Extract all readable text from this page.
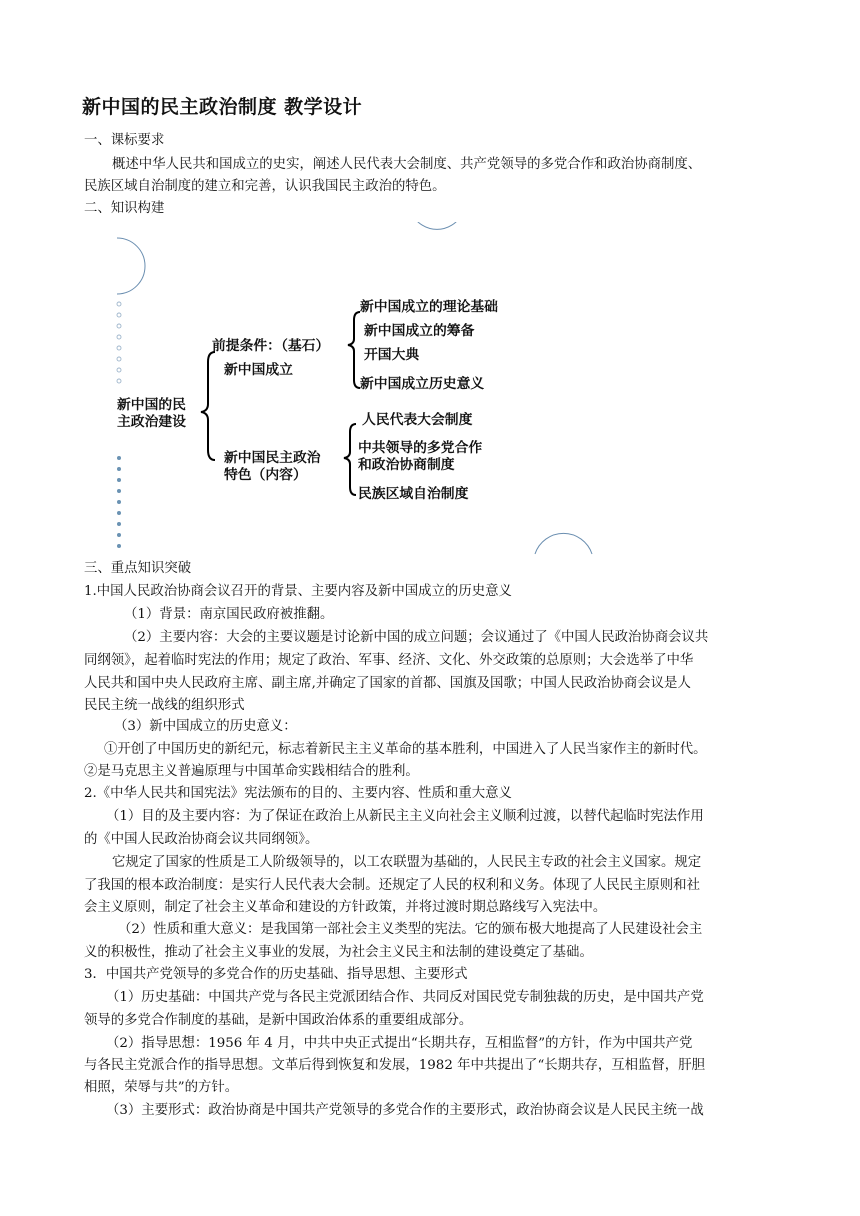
新中国的民主政治制度 教学设计
一、课标要求
概述中华人民共和国成立的史实，阐述人民代表大会制度、共产党领导的多党合作和政治协商制度、
民族区域自治制度的建立和完善，认识我国民主政治的特色。
二、知识构建
新中国的民
主政治建设
前提条件：（基石）
新中国成立
新中国成立的理论基础
新中国成立的筹备
开国大典
新中国成立历史意义
新中国民主政治
特色（内容）
人民代表大会制度
中共领导的多党合作
和政治协商制度
民族区域自治制度
三、重点知识突破
1.中国人民政治协商会议召开的背景、主要内容及新中国成立的历史意义
（1）背景：南京国民政府被推翻。
（2）主要内容：大会的主要议题是讨论新中国的成立问题；会议通过了《中国人民政治协商会议共
同纲领》，起着临时宪法的作用；规定了政治、军事、经济、文化、外交政策的总原则；大会选举了中华
人民共和国中央人民政府主席、副主席,并确定了国家的首都、国旗及国歌；中国人民政治协商会议是人
民民主统一战线的组织形式
（3）新中国成立的历史意义：
①开创了中国历史的新纪元，标志着新民主主义革命的基本胜利，中国进入了人民当家作主的新时代。
②是马克思主义普遍原理与中国革命实践相结合的胜利。
2.《中华人民共和国宪法》宪法颁布的目的、主要内容、性质和重大意义
（1）目的及主要内容：为了保证在政治上从新民主主义向社会主义顺利过渡，以替代起临时宪法作用
的《中国人民政治协商会议共同纲领》。
它规定了国家的性质是工人阶级领导的，以工农联盟为基础的，人民民主专政的社会主义国家。规定
了我国的根本政治制度：是实行人民代表大会制。还规定了人民的权利和义务。体现了人民民主原则和社
会主义原则，制定了社会主义革命和建设的方针政策，并将过渡时期总路线写入宪法中。
（2）性质和重大意义：是我国第一部社会主义类型的宪法。它的颁布极大地提高了人民建设社会主
义的积极性，推动了社会主义事业的发展，为社会主义民主和法制的建设奠定了基础。
3．中国共产党领导的多党合作的历史基础、指导思想、主要形式
（1）历史基础：中国共产党与各民主党派团结合作、共同反对国民党专制独裁的历史，是中国共产党
领导的多党合作制度的基础，是新中国政治体系的重要组成部分。
（2）指导思想：1956 年 4 月，中共中央正式提出“长期共存，互相监督”的方针，作为中国共产党
与各民主党派合作的指导思想。文革后得到恢复和发展，1982 年中共提出了“长期共存，互相监督，肝胆
相照，荣辱与共”的方针。
（3）主要形式：政治协商是中国共产党领导的多党合作的主要形式，政治协商会议是人民民主统一战
